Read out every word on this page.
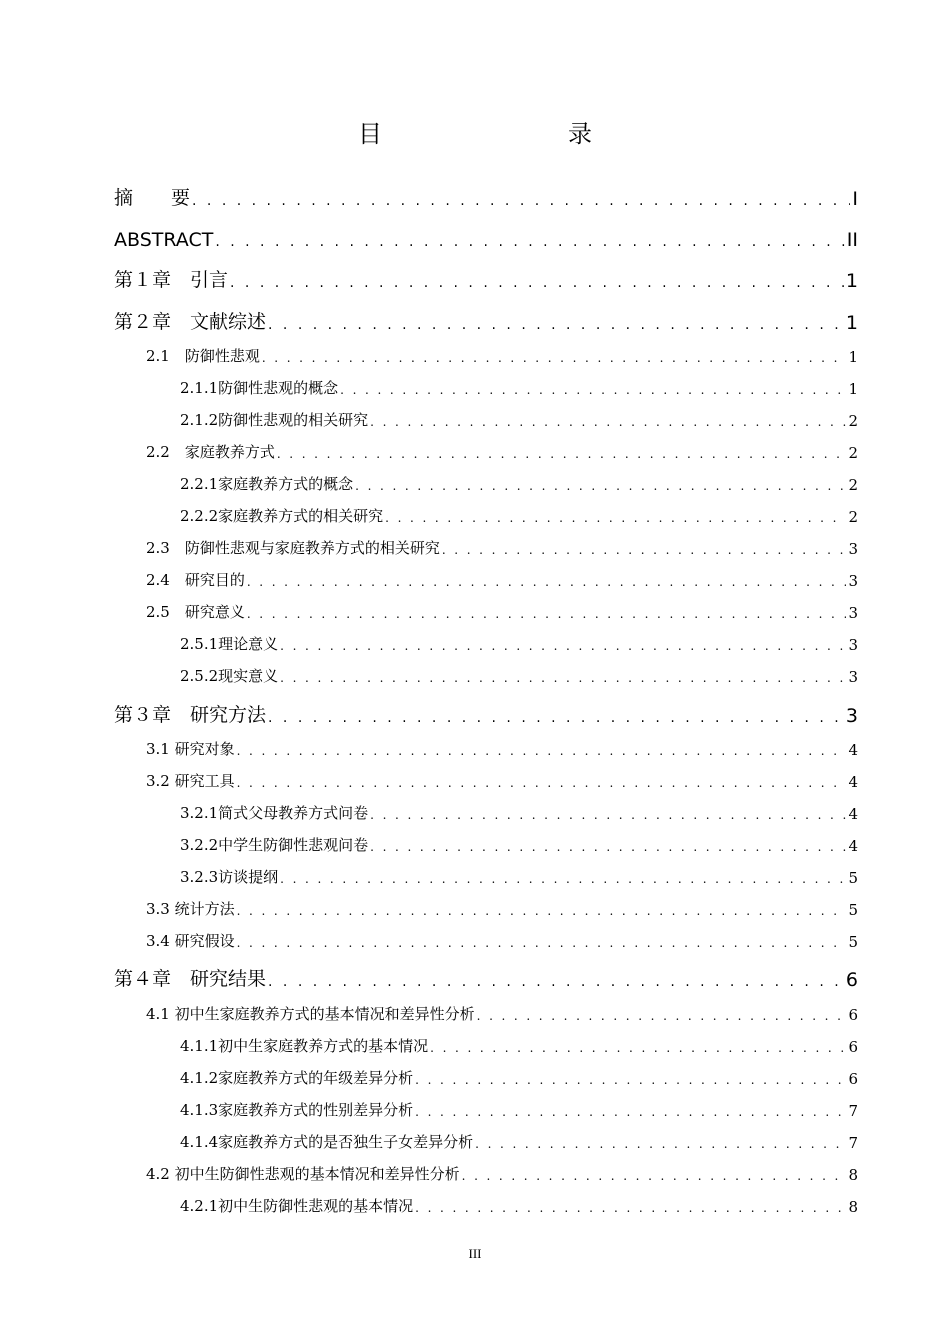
目　　录
摘　　要 . . .	I
ABSTRACT . . .	II
第１章　引言 . . .	1
第２章　文献综述 . . .	1
2.1　防御性悲观 . . .	1
2.1.1防御性悲观的概念 . . .	1
2.1.2防御性悲观的相关研究 . . .	2
2.2　家庭教养方式 . . .	2
2.2.1家庭教养方式的概念 . . .	2
2.2.2家庭教养方式的相关研究 . . .	2
2.3　防御性悲观与家庭教养方式的相关研究 . . .	3
2.4　研究目的 . . .	3
2.5　研究意义 . . .	3
2.5.1理论意义 . . .	3
2.5.2现实意义 . . .	3
第３章　研究方法 . . .	3
3.1 研究对象 . . .	4
3.2 研究工具 . . .	4
3.2.1简式父母教养方式问卷 . . .	4
3.2.2中学生防御性悲观问卷 . . .	4
3.2.3访谈提纲 . . .	5
3.3 统计方法 . . .	5
3.4 研究假设 . . .	5
第４章　研究结果 . . .	6
4.1 初中生家庭教养方式的基本情况和差异性分析 . . .	6
4.1.1初中生家庭教养方式的基本情况 . . .	6
4.1.2家庭教养方式的年级差异分析 . . .	6
4.1.3家庭教养方式的性别差异分析 . . .	7
4.1.4家庭教养方式的是否独生子女差异分析 . . .	7
4.2 初中生防御性悲观的基本情况和差异性分析 . . .	8
4.2.1初中生防御性悲观的基本情况 . . .	8
III
